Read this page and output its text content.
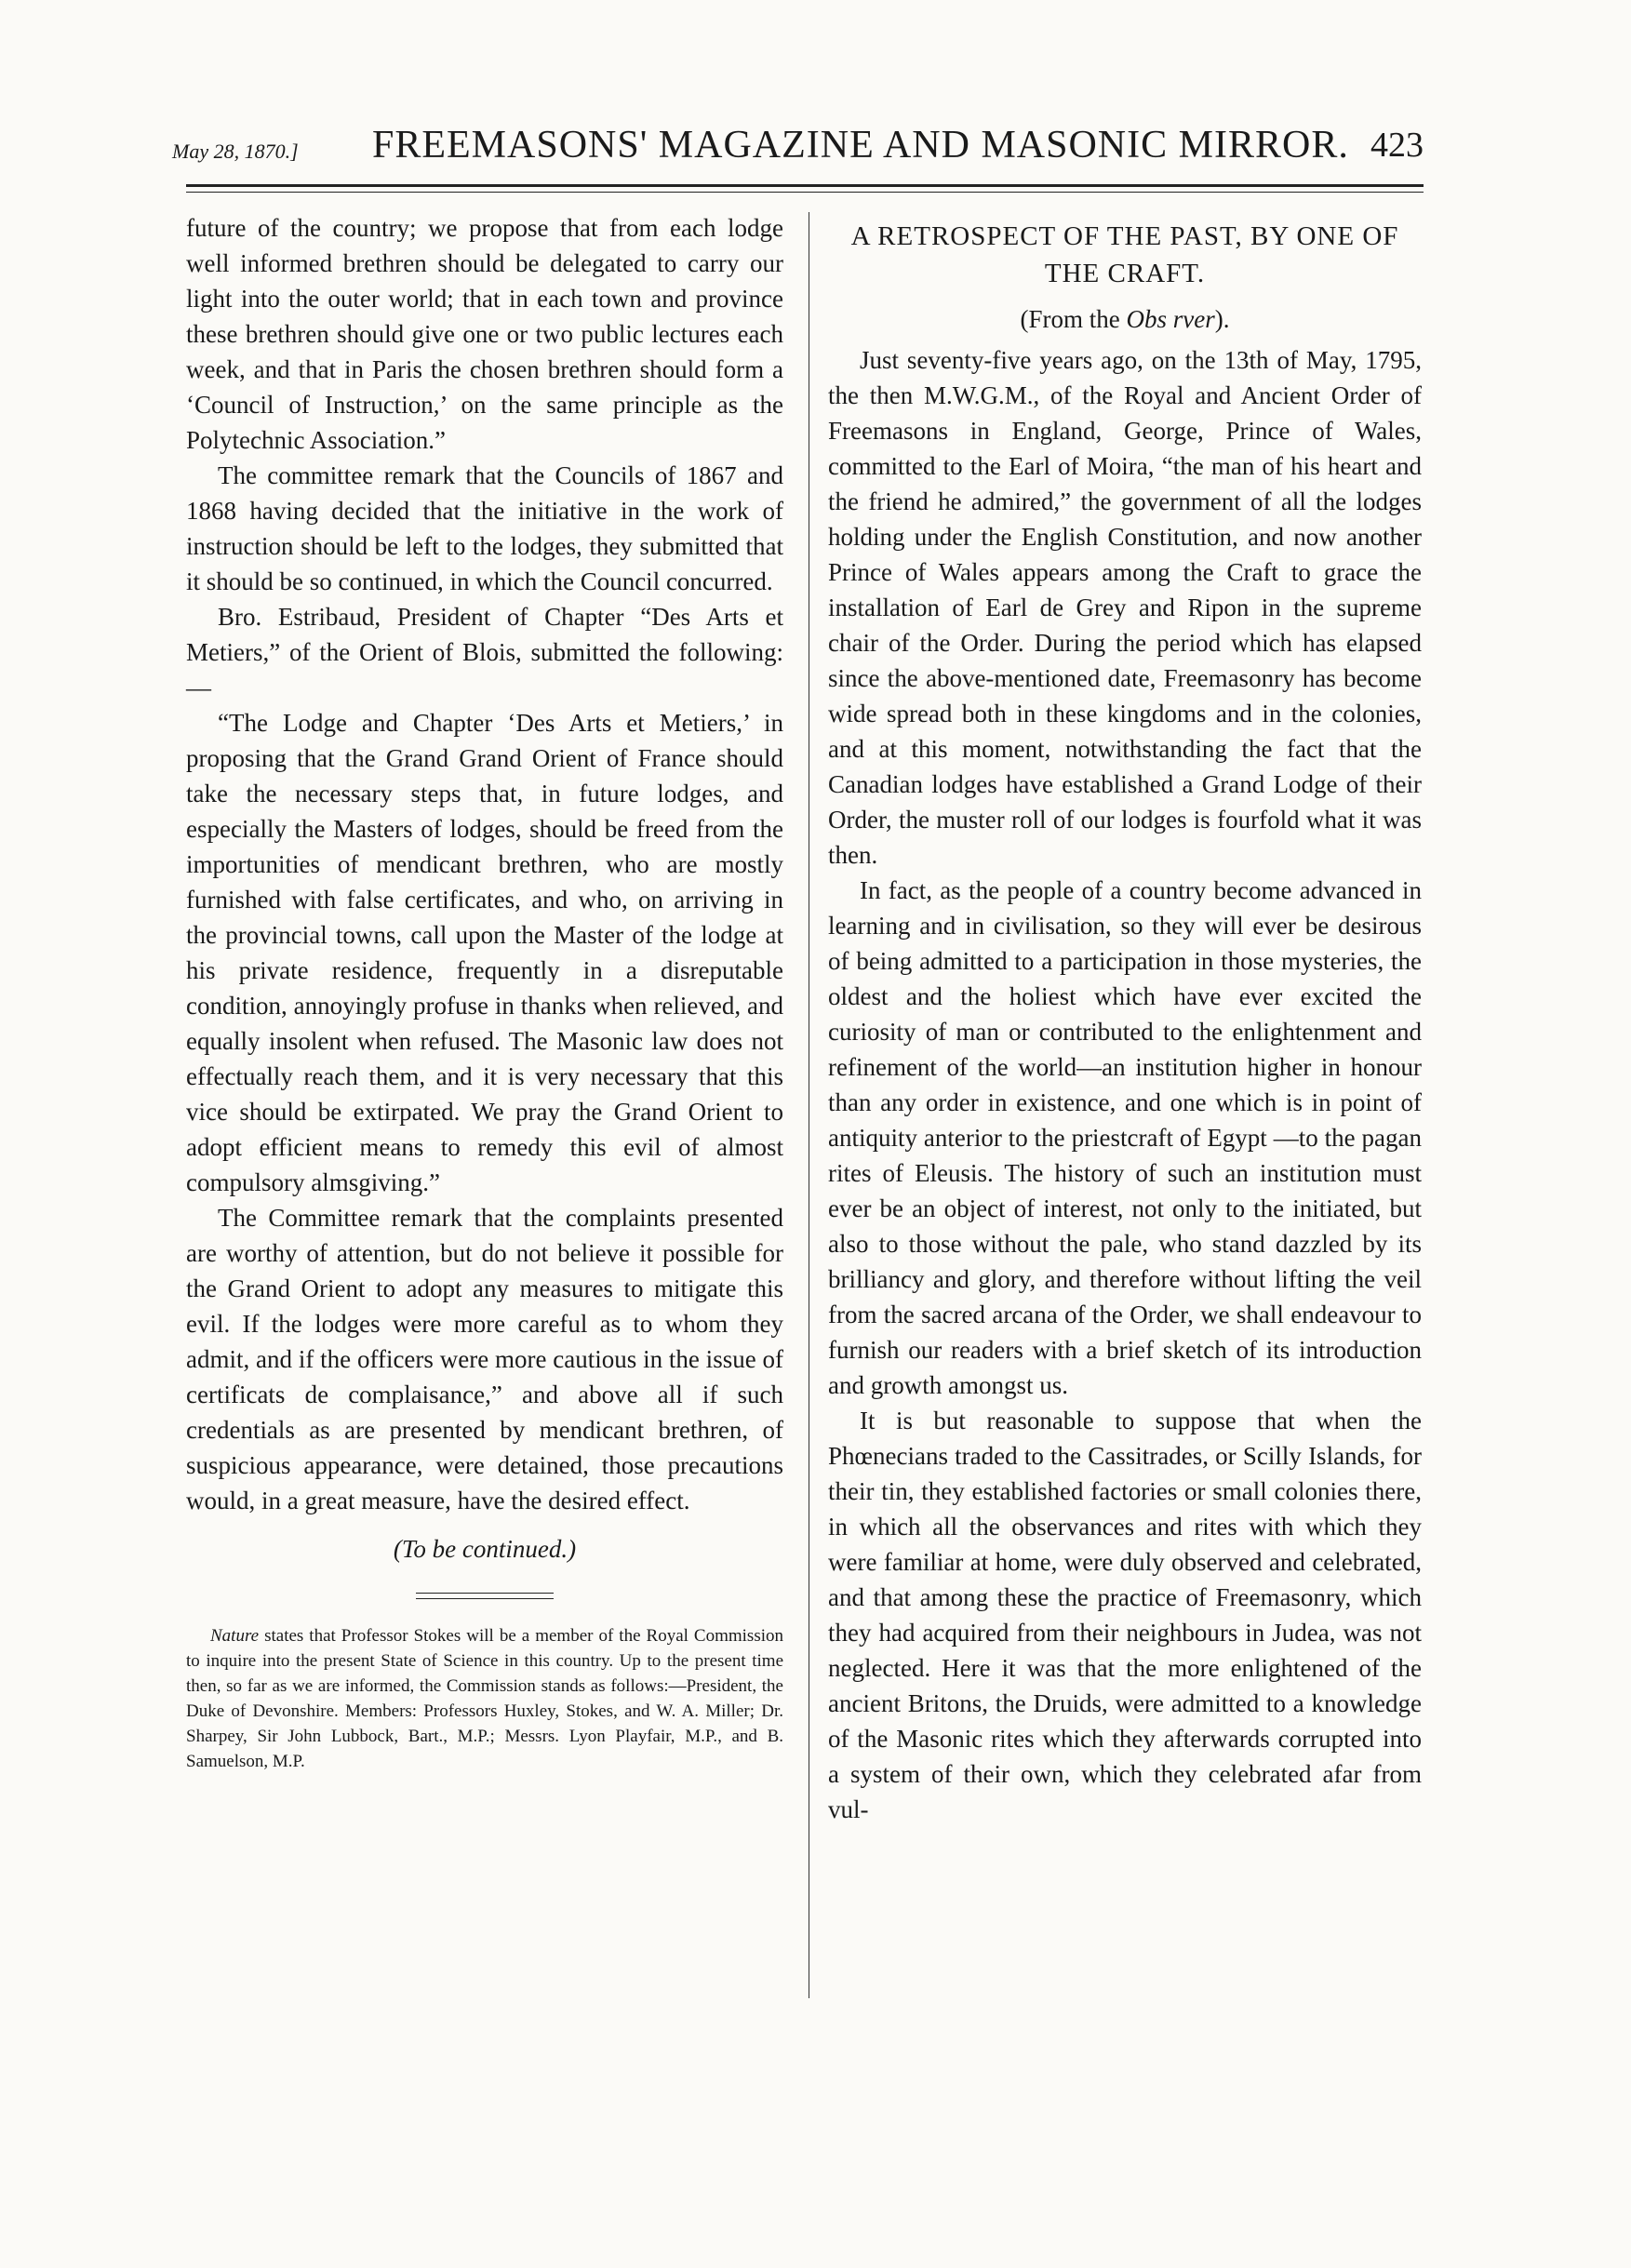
May 28, 1870.] FREEMASONS' MAGAZINE AND MASONIC MIRROR. 423

future of the country; we propose that from each lodge well informed brethren should be delegated to carry our light into the outer world; that in each town and province these brethren should give one or two public lectures each week, and that in Paris the chosen brethren should form a ‘Council of Instruction,’ on the same principle as the Polytechnic Association.”

The committee remark that the Councils of 1867 and 1868 having decided that the initiative in the work of instruction should be left to the lodges, they submitted that it should be so continued, in which the Council concurred.

Bro. Estribaud, President of Chapter “Des Arts et Metiers,” of the Orient of Blois, submitted the following:—

“The Lodge and Chapter ‘Des Arts et Metiers,’ in proposing that the Grand Grand Orient of France should take the necessary steps that, in future lodges, and especially the Masters of lodges, should be freed from the importunities of mendicant brethren, who are mostly furnished with false certificates, and who, on arriving in the provincial towns, call upon the Master of the lodge at his private residence, frequently in a disreputable condition, annoyingly profuse in thanks when relieved, and equally insolent when refused. The Masonic law does not effectually reach them, and it is very necessary that this vice should be extirpated. We pray the Grand Orient to adopt efficient means to remedy this evil of almost compulsory almsgiving.”

The Committee remark that the complaints presented are worthy of attention, but do not believe it possible for the Grand Orient to adopt any measures to mitigate this evil. If the lodges were more careful as to whom they admit, and if the officers were more cautious in the issue of certificats de complaisance,” and above all if such credentials as are presented by mendicant brethren, of suspicious appearance, were detained, those precautions would, in a great measure, have the desired effect.

(To be continued.)

Nature states that Professor Stokes will be a member of the Royal Commission to inquire into the present State of Science in this country. Up to the present time then, so far as we are informed, the Commission stands as follows:—President, the Duke of Devonshire. Members: Professors Huxley, Stokes, and W. A. Miller; Dr. Sharpey, Sir John Lubbock, Bart., M.P.; Messrs. Lyon Playfair, M.P., and B. Samuelson, M.P.

A RETROSPECT OF THE PAST, BY ONE OF THE CRAFT.
(From the Obs rver).

Just seventy-five years ago, on the 13th of May, 1795, the then M.W.G.M., of the Royal and Ancient Order of Freemasons in England, George, Prince of Wales, committed to the Earl of Moira, “the man of his heart and the friend he admired,” the government of all the lodges holding under the English Constitution, and now another Prince of Wales appears among the Craft to grace the installation of Earl de Grey and Ripon in the supreme chair of the Order. During the period which has elapsed since the above-mentioned date, Freemasonry has become wide spread both in these kingdoms and in the colonies, and at this moment, notwithstanding the fact that the Canadian lodges have established a Grand Lodge of their Order, the muster roll of our lodges is fourfold what it was then.

In fact, as the people of a country become advanced in learning and in civilisation, so they will ever be desirous of being admitted to a participation in those mysteries, the oldest and the holiest which have ever excited the curiosity of man or contributed to the enlightenment and refinement of the world—an institution higher in honour than any order in existence, and one which is in point of antiquity anterior to the priestcraft of Egypt —to the pagan rites of Eleusis. The history of such an institution must ever be an object of interest, not only to the initiated, but also to those without the pale, who stand dazzled by its brilliancy and glory, and therefore without lifting the veil from the sacred arcana of the Order, we shall endeavour to furnish our readers with a brief sketch of its introduction and growth amongst us.

It is but reasonable to suppose that when the Phœnecians traded to the Cassitrades, or Scilly Islands, for their tin, they established factories or small colonies there, in which all the observances and rites with which they were familiar at home, were duly observed and celebrated, and that among these the practice of Freemasonry, which they had acquired from their neighbours in Judea, was not neglected. Here it was that the more enlightened of the ancient Britons, the Druids, were admitted to a knowledge of the Masonic rites which they afterwards corrupted into a system of their own, which they celebrated afar from vul-
